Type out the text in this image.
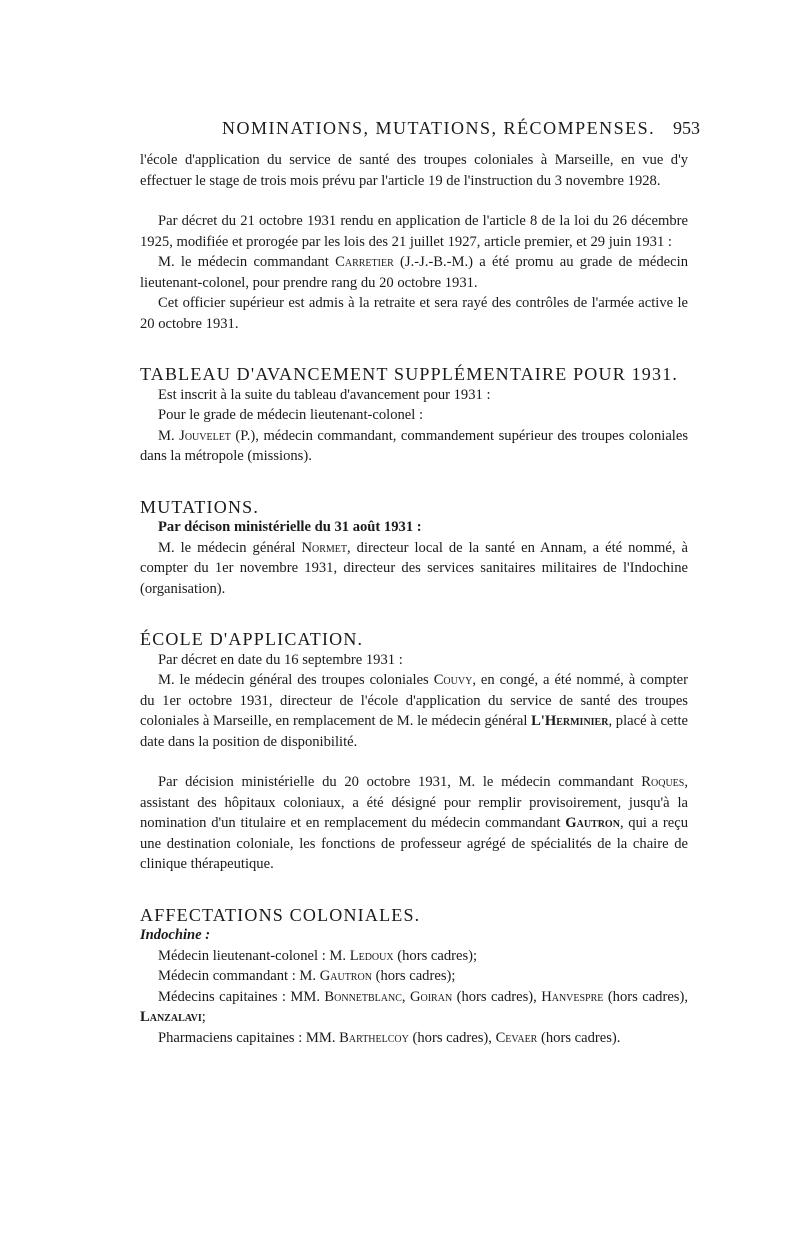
NOMINATIONS, MUTATIONS, RÉCOMPENSES. 953

l'école d'application du service de santé des troupes coloniales à Marseille, en vue d'y effectuer le stage de trois mois prévu par l'article 19 de l'instruction du 3 novembre 1928.

Par décret du 21 octobre 1931 rendu en application de l'article 8 de la loi du 26 décembre 1925, modifiée et prorogée par les lois des 21 juillet 1927, article premier, et 29 juin 1931 :

M. le médecin commandant Carretier (J.-J.-B.-M.) a été promu au grade de médecin lieutenant-colonel, pour prendre rang du 20 octobre 1931.

Cet officier supérieur est admis à la retraite et sera rayé des contrôles de l'armée active le 20 octobre 1931.

TABLEAU D'AVANCEMENT SUPPLÉMENTAIRE POUR 1931.

Est inscrit à la suite du tableau d'avancement pour 1931 :

Pour le grade de médecin lieutenant-colonel :

M. Jouvelet (P.), médecin commandant, commandement supérieur des troupes coloniales dans la métropole (missions).

MUTATIONS.

Par décison ministérielle du 31 août 1931 :

M. le médecin général Normet, directeur local de la santé en Annam, a été nommé, à compter du 1er novembre 1931, directeur des services sanitaires militaires de l'Indochine (organisation).

ÉCOLE D'APPLICATION.

Par décret en date du 16 septembre 1931 :

M. le médecin général des troupes coloniales Couvy, en congé, a été nommé, à compter du 1er octobre 1931, directeur de l'école d'application du service de santé des troupes coloniales à Marseille, en remplacement de M. le médecin général L'Herminier, placé à cette date dans la position de disponibilité.

Par décision ministérielle du 20 octobre 1931, M. le médecin commandant Roques, assistant des hôpitaux coloniaux, a été désigné pour remplir provisoirement, jusqu'à la nomination d'un titulaire et en remplacement du médecin commandant Gautron, qui a reçu une destination coloniale, les fonctions de professeur agrégé de spécialités de la chaire de clinique thérapeutique.

AFFECTATIONS COLONIALES.

Indochine :

Médecin lieutenant-colonel : M. Ledoux (hors cadres);

Médecin commandant : M. Gautron (hors cadres);

Médecins capitaines : MM. Bonnetblanc, Goiran (hors cadres), Hanvespre (hors cadres), Lanzalavi;

Pharmaciens capitaines : MM. Barthelcoy (hors cadres), Cevaer (hors cadres).
